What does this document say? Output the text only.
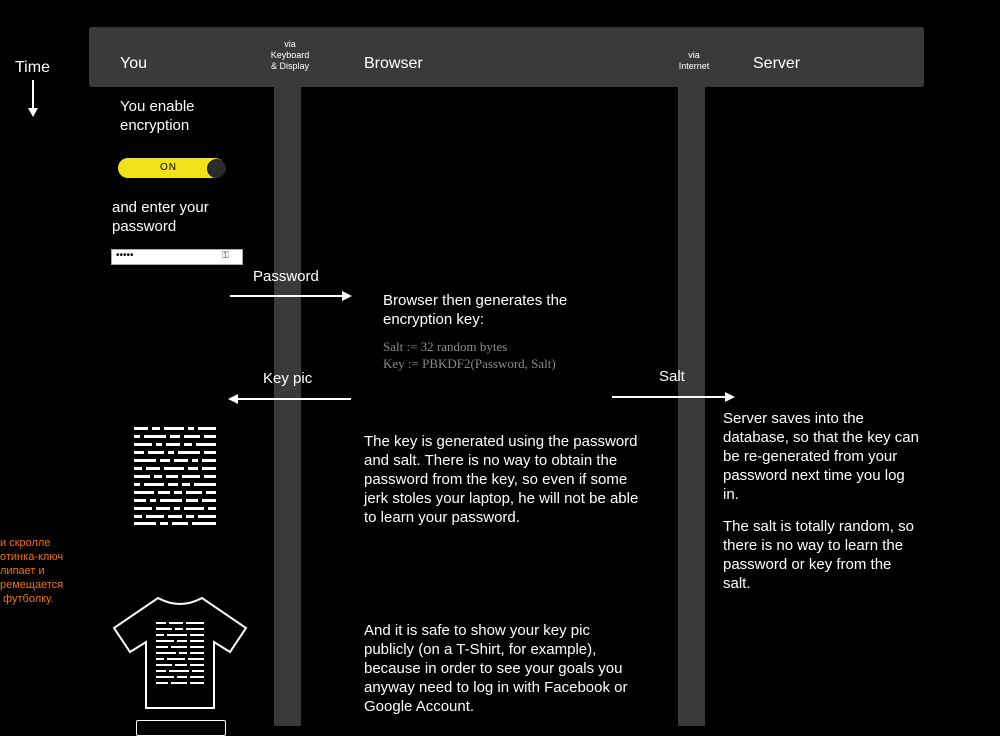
You
via
Keyboard
& Display	Browser	via
Internet	Server
Time
You enable encryption
ON
and enter your password
•••••	⚿
Password
Browser then generates the encryption key:
Salt := 32 random bytes
Key := PBKDF2(Password, Salt)
Key pic	Salt
The key is generated using the password and salt. There is no way to obtain the password from the key, so even if some jerk stoles your laptop, he will not be able to learn your password.
Server saves into the database, so that the key can be re-generated from your password next time you log in.
The salt is totally random, so there is no way to learn the password or key from the salt.
и скролле
отинка-ключ
липает и
ремещается
футболку.
And it is safe to show your key pic publicly (on a T-Shirt, for example), because in order to see your goals you anyway need to log in with Facebook or Google Account.
